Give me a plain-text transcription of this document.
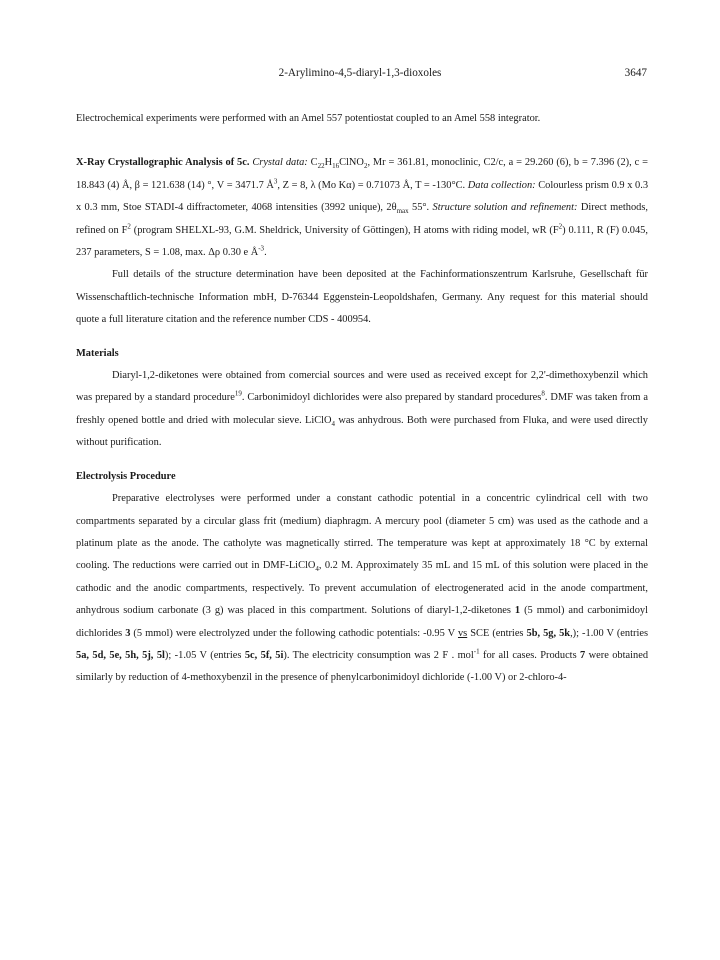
2-Arylimino-4,5-diaryl-1,3-dioxoles	3647

Electrochemical experiments were performed with an Amel 557 potentiostat coupled to an Amel 558 integrator.

X-Ray Crystallographic Analysis of 5c. Crystal data: $C_{22}H_{16}ClNO_2$, Mr = 361.81, monoclinic, C2/c, a = 29.260 (6), b = 7.396 (2), c = 18.843 (4) Å, β = 121.638 (14) °, V = 3471.7 $Å^3$, Z = 8, λ (Mo Kα) = 0.71073 Å, T = -130°C. Data collection: Colourless prism 0.9 x 0.3 x 0.3 mm, Stoe STADI-4 diffractometer, 4068 intensities (3992 unique), $2\theta_{max}$ 55°. Structure solution and refinement: Direct methods, refined on $F^2$ (program SHELXL-93, G.M. Sheldrick, University of Göttingen), H atoms with riding model, wR $(F^2)$ 0.111, R (F) 0.045, 237 parameters, S = 1.08, max. Δρ 0.30 e $Å^{-3}$.

Full details of the structure determination have been deposited at the Fachinformationszentrum Karlsruhe, Gesellschaft für Wissenschaftlich-technische Information mbH, D-76344 Eggenstein-Leopoldshafen, Germany. Any request for this material should quote a full literature citation and the reference number CDS - 400954.

Materials

Diaryl-1,2-diketones were obtained from comercial sources and were used as received except for 2,2'-dimethoxybenzil which was prepared by a standard procedure$^{19}$. Carbonimidoyl dichlorides were also prepared by standard procedures$^8$. DMF was taken from a freshly opened bottle and dried with molecular sieve. LiClO$_4$ was anhydrous. Both were purchased from Fluka, and were used directly without purification.

Electrolysis Procedure

Preparative electrolyses were performed under a constant cathodic potential in a concentric cylindrical cell with two compartments separated by a circular glass frit (medium) diaphragm. A mercury pool (diameter 5 cm) was used as the cathode and a platinum plate as the anode. The catholyte was magnetically stirred. The temperature was kept at approximately 18 °C by external cooling. The reductions were carried out in DMF-LiClO$_4$, 0.2 M. Approximately 35 mL and 15 mL of this solution were placed in the cathodic and the anodic compartments, respectively. To prevent accumulation of electrogenerated acid in the anode compartment, anhydrous sodium carbonate (3 g) was placed in this compartment. Solutions of diaryl-1,2-diketones 1 (5 mmol) and carbonimidoyl dichlorides 3 (5 mmol) were electrolyzed under the following cathodic potentials: -0.95 V vs SCE (entries 5b, 5g, 5k,); -1.00 V (entries 5a, 5d, 5e, 5h, 5j, 5l); -1.05 V (entries 5c, 5f, 5i). The electricity consumption was 2 F . mol$^{-1}$ for all cases. Products 7 were obtained similarly by reduction of 4-methoxybenzil in the presence of phenylcarbonimidoyl dichloride (-1.00 V) or 2-chloro-4-
